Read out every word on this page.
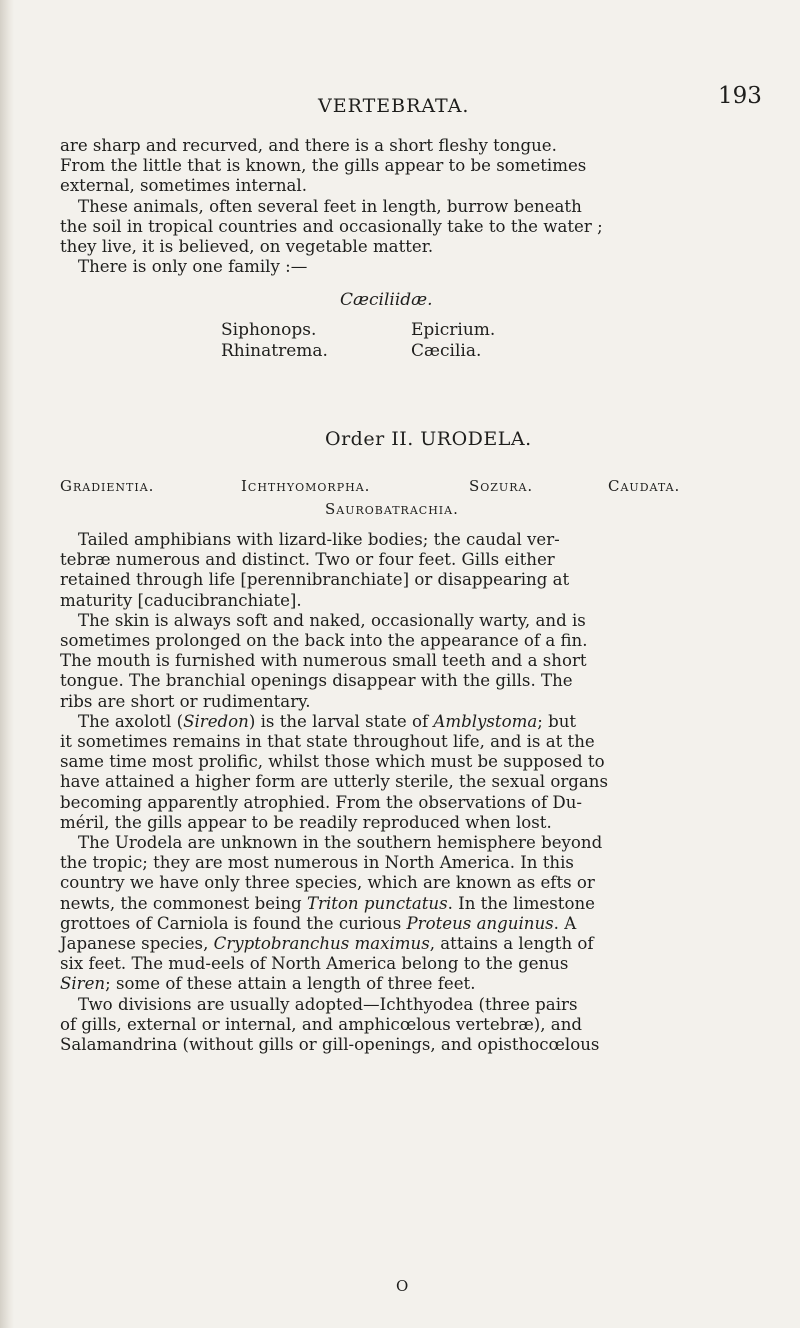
VERTEBRATA.	193

are sharp and recurved, and there is a short fleshy tongue.

From the little that is known, the gills appear to be sometimes

external, sometimes internal.

These animals, often several feet in length, burrow beneath

the soil in tropical countries and occasionally take to the water ;

they live, it is believed, on vegetable matter.

There is only one family :—

Cæciliidæ.
Siphonops.	Epicrium.
Rhinatrema.	Cæcilia.
Order II. URODELA.
Gradientia.	Ichthyomorpha.	Sozura.	Caudata.
Saurobatrachia.

Tailed amphibians with lizard-like bodies; the caudal ver-

tebræ numerous and distinct. Two or four feet. Gills either

retained through life [perennibranchiate] or disappearing at

maturity [caducibranchiate].

The skin is always soft and naked, occasionally warty, and is

sometimes prolonged on the back into the appearance of a fin.

The mouth is furnished with numerous small teeth and a short

tongue. The branchial openings disappear with the gills. The

ribs are short or rudimentary.

The axolotl (Siredon) is the larval state of Amblystoma; but

it sometimes remains in that state throughout life, and is at the

same time most prolific, whilst those which must be supposed to

have attained a higher form are utterly sterile, the sexual organs

becoming apparently atrophied. From the observations of Du-

méril, the gills appear to be readily reproduced when lost.

The Urodela are unknown in the southern hemisphere beyond

the tropic; they are most numerous in North America. In this

country we have only three species, which are known as efts or

newts, the commonest being Triton punctatus. In the limestone

grottoes of Carniola is found the curious Proteus anguinus. A

Japanese species, Cryptobranchus maximus, attains a length of

six feet. The mud-eels of North America belong to the genus

Siren; some of these attain a length of three feet.

Two divisions are usually adopted—Ichthyodea (three pairs

of gills, external or internal, and amphicœlous vertebræ), and

Salamandrina (without gills or gill-openings, and opisthocœlous

O
